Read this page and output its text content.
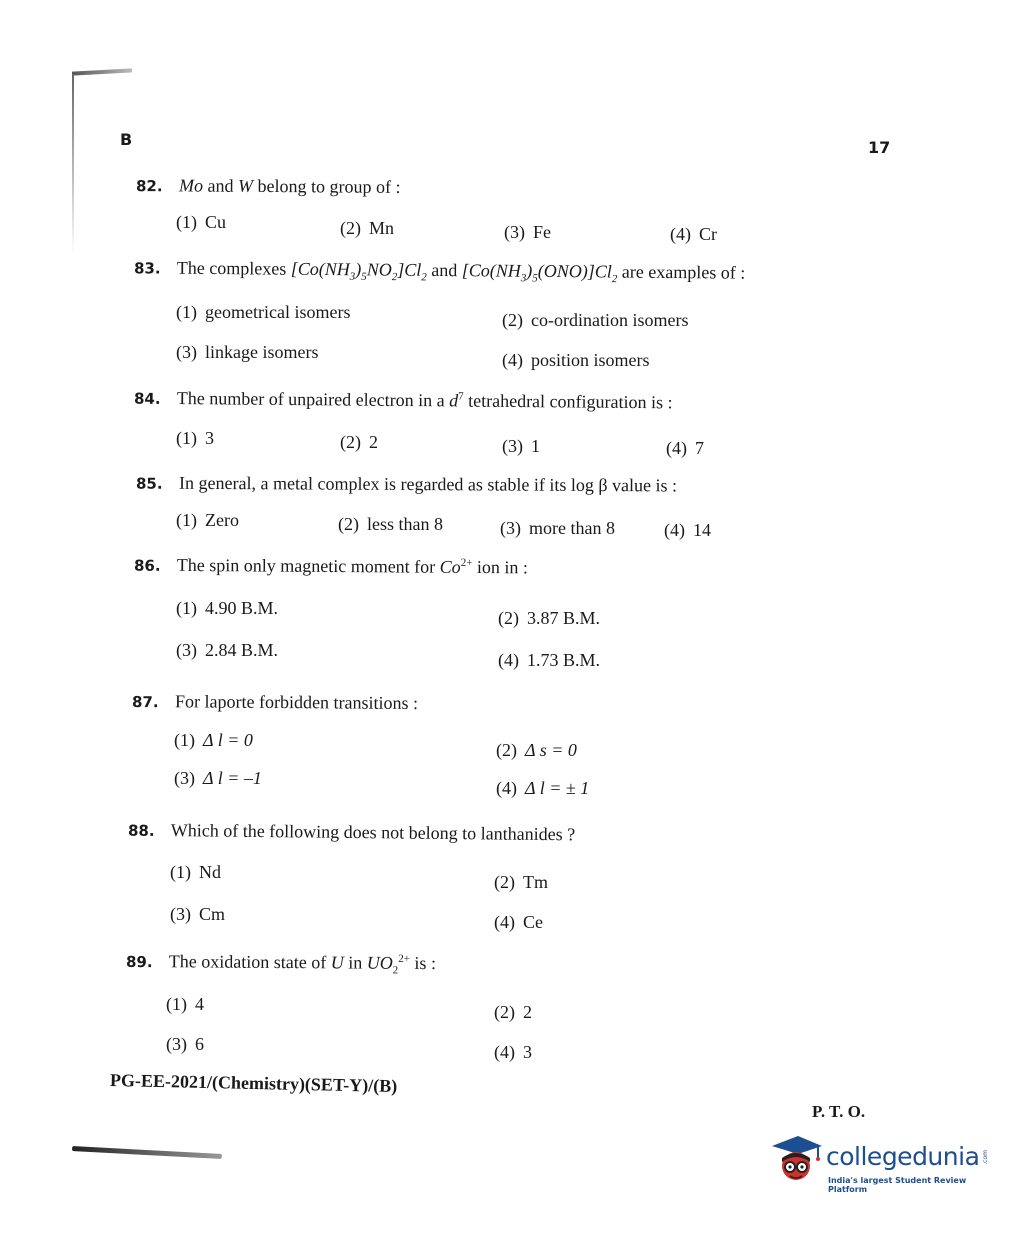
B	17
82. Mo and W belong to group of :
(1) Cu	(2) Mn	(3) Fe	(4) Cr
83. The complexes $[Co(NH_3)_5NO_2]Cl_2$ and $[Co(NH_3)_5(ONO)]Cl_2$ are examples of :
(1) geometrical isomers	(2) co-ordination isomers
(3) linkage isomers	(4) position isomers
84. The number of unpaired electron in a $d^7$ tetrahedral configuration is :
(1) 3	(2) 2	(3) 1	(4) 7
85. In general, a metal complex is regarded as stable if its log β value is :
(1) Zero	(2) less than 8	(3) more than 8	(4) 14
86. The spin only magnetic moment for $Co^{2+}$ ion in :
(1) 4.90 B.M.	(2) 3.87 B.M.
(3) 2.84 B.M.	(4) 1.73 B.M.
87. For laporte forbidden transitions :
(1) Δ l = 0	(2) Δ s = 0
(3) Δ l = –1	(4) Δ l = ± 1
88. Which of the following does not belong to lanthanides ?
(1) Nd	(2) Tm
(3) Cm	(4) Ce
89. The oxidation state of U in $UO_2^{2+}$ is :
(1) 4	(2) 2
(3) 6	(4) 3
PG-EE-2021/(Chemistry)(SET-Y)/(B)
P. T. O.
collegedunia .com
India's largest Student Review Platform
